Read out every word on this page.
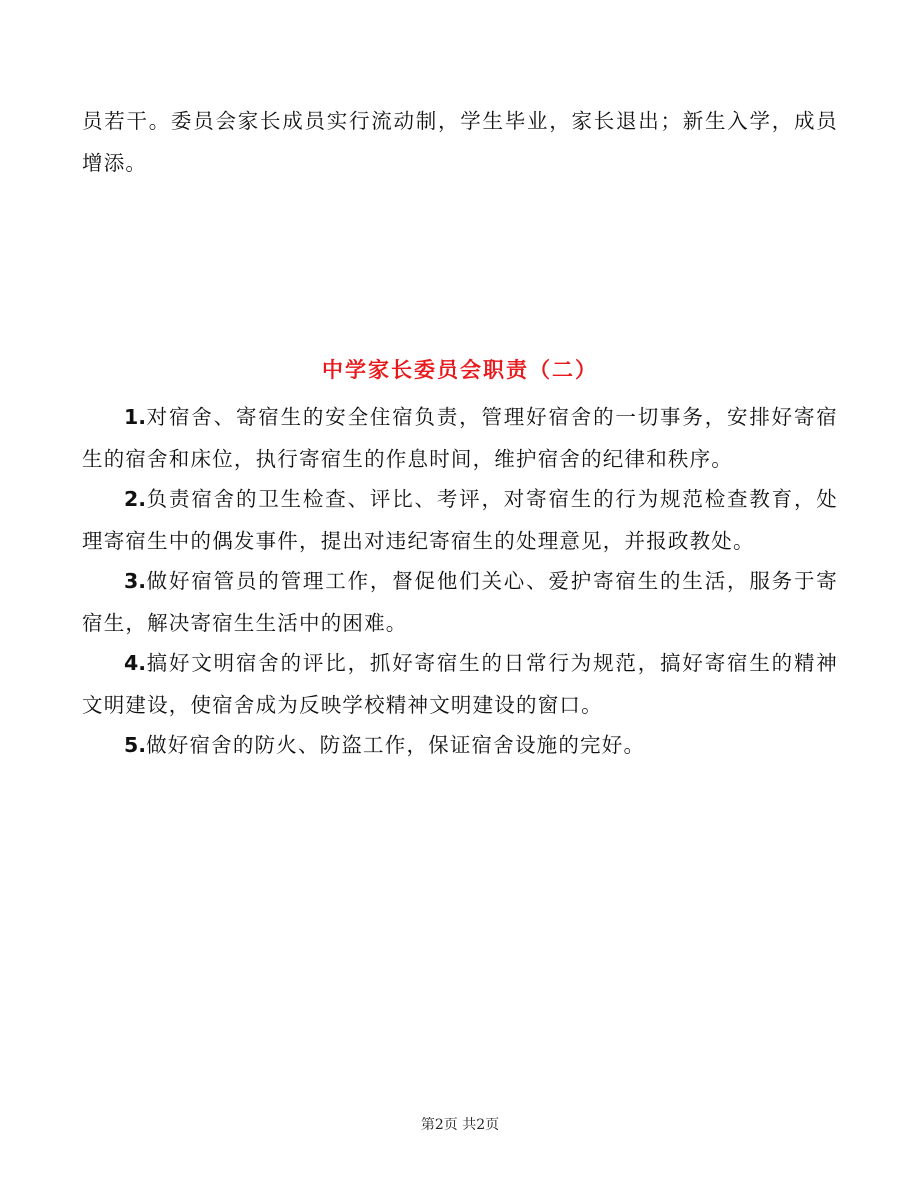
员若干。委员会家长成员实行流动制，学生毕业，家长退出；新生入学，成员增添。

中学家长委员会职责（二）

1.对宿舍、寄宿生的安全住宿负责，管理好宿舍的一切事务，安排好寄宿生的宿舍和床位，执行寄宿生的作息时间，维护宿舍的纪律和秩序。

2.负责宿舍的卫生检查、评比、考评，对寄宿生的行为规范检查教育，处理寄宿生中的偶发事件，提出对违纪寄宿生的处理意见，并报政教处。

3.做好宿管员的管理工作，督促他们关心、爱护寄宿生的生活，服务于寄宿生，解决寄宿生生活中的困难。

4.搞好文明宿舍的评比，抓好寄宿生的日常行为规范，搞好寄宿生的精神文明建设，使宿舍成为反映学校精神文明建设的窗口。

5.做好宿舍的防火、防盗工作，保证宿舍设施的完好。

第2页 共2页
